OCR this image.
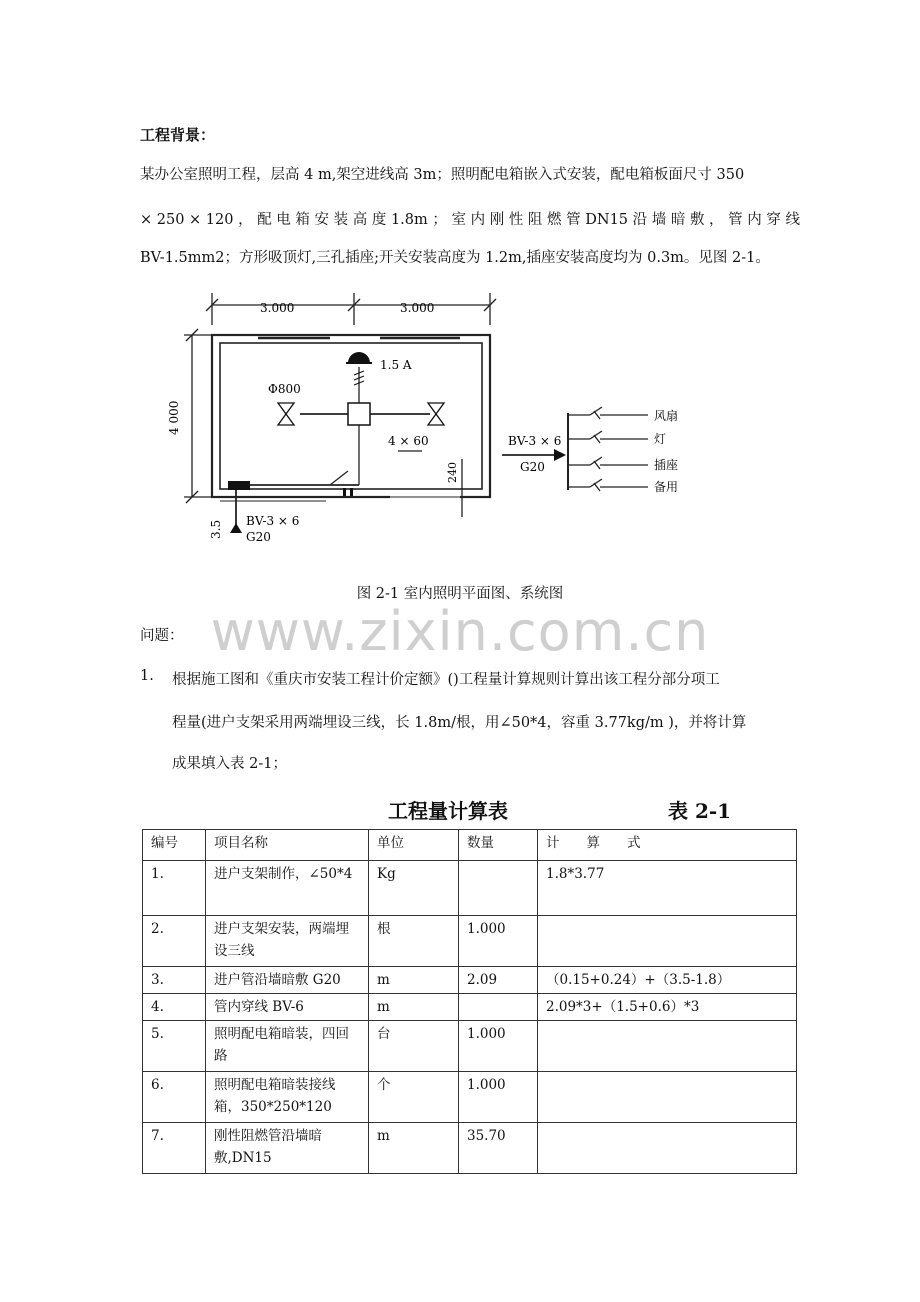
工程背景：
某办公室照明工程，层高 4 m,架空进线高 3m；照明配电箱嵌入式安装，配电箱板面尺寸 350
× 250 × 120 ， 配 电 箱 安 装 高 度 1.8m ； 室 内 刚 性 阻 燃 管 DN15 沿 墙 暗 敷 ， 管 内 穿 线
BV-1.5mm2；方形吸顶灯,三孔插座;开关安装高度为 1.2m,插座安装高度均为 0.3m。见图 2-1。
3.000	3.000
4 000
Φ800
1.5 A
4 × 60
240
BV-3 × 6
G20
3.5
BV-3 × 6
G20
风扇
灯
插座
备用
图 2-1 室内照明平面图、系统图
www.zixin.com.cn
问题：
1. 根据施工图和《重庆市安装工程计价定额》()工程量计算规则计算出该工程分部分项工
程量(进户支架采用两端埋设三线，长 1.8m/根，用∠50*4，容重 3.77kg/m )，并将计算
成果填入表 2-1；
工程量计算表	表 2-1
编号	项目名称	单位	数量	计　　算　　式
1.	进户支架制作，∠50*4	Kg		1.8*3.77
2.	进户支架安装，两端埋设三线	根	1.000	
3.	进户管沿墙暗敷 G20	m	2.09	（0.15+0.24）+（3.5-1.8）
4.	管内穿线 BV-6	m		2.09*3+（1.5+0.6）*3
5.	照明配电箱暗装，四回路	台	1.000	
6.	照明配电箱暗装接线箱，350*250*120	个	1.000	
7.	刚性阻燃管沿墙暗敷,DN15	m	35.70	
